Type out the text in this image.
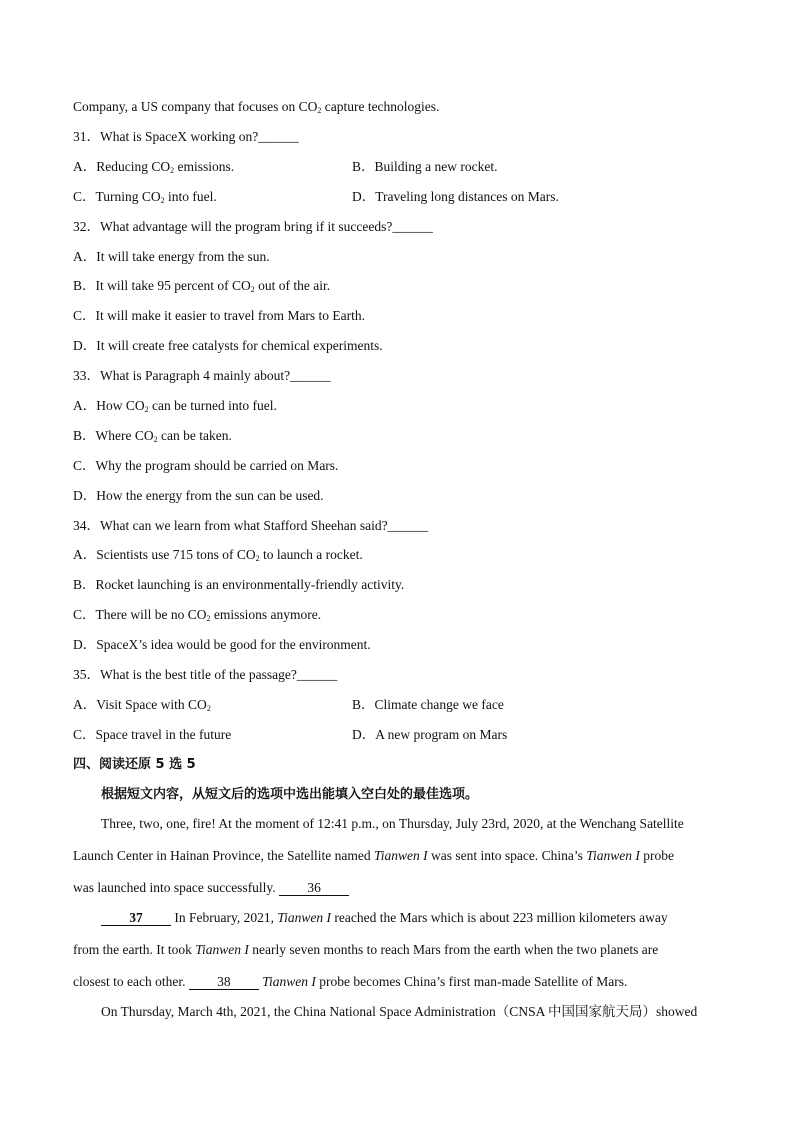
Company, a US company that focuses on $CO_2$ capture technologies.
31．What is SpaceX working on?______
A．Reducing $CO_2$ emissions.	B．Building a new rocket.
C．Turning $CO_2$ into fuel.	D．Traveling long distances on Mars.
32．What advantage will the program bring if it succeeds?______
A．It will take energy from the sun.
B．It will take 95 percent of $CO_2$ out of the air.
C．It will make it easier to travel from Mars to Earth.
D．It will create free catalysts for chemical experiments.
33．What is Paragraph 4 mainly about?______
A．How $CO_2$ can be turned into fuel.
B．Where $CO_2$ can be taken.
C．Why the program should be carried on Mars.
D．How the energy from the sun can be used.
34．What can we learn from what Stafford Sheehan said?______
A．Scientists use 715 tons of $CO_2$ to launch a rocket.
B．Rocket launching is an environmentally-friendly activity.
C．There will be no $CO_2$ emissions anymore.
D．SpaceX’s idea would be good for the environment.
35．What is the best title of the passage?______
A．Visit Space with $CO_2$	B．Climate change we face
C．Space travel in the future	D．A new program on Mars
四、阅读还原 5 选 5
根据短文内容，从短文后的选项中选出能填入空白处的最佳选项。
Three, two, one, fire! At the moment of 12:41 p.m., on Thursday, July 23rd, 2020, at the Wenchang Satellite
Launch Center in Hainan Province, the Satellite named Tianwen I was sent into space. China’s Tianwen I probe
was launched into space successfully. 36
37 In February, 2021, Tianwen I reached the Mars which is about 223 million kilometers away
from the earth. It took Tianwen I nearly seven months to reach Mars from the earth when the two planets are
closest to each other. 38 Tianwen I probe becomes China’s first man-made Satellite of Mars.
On Thursday, March 4th, 2021, the China National Space Administration（CNSA 中国国家航天局）showed
